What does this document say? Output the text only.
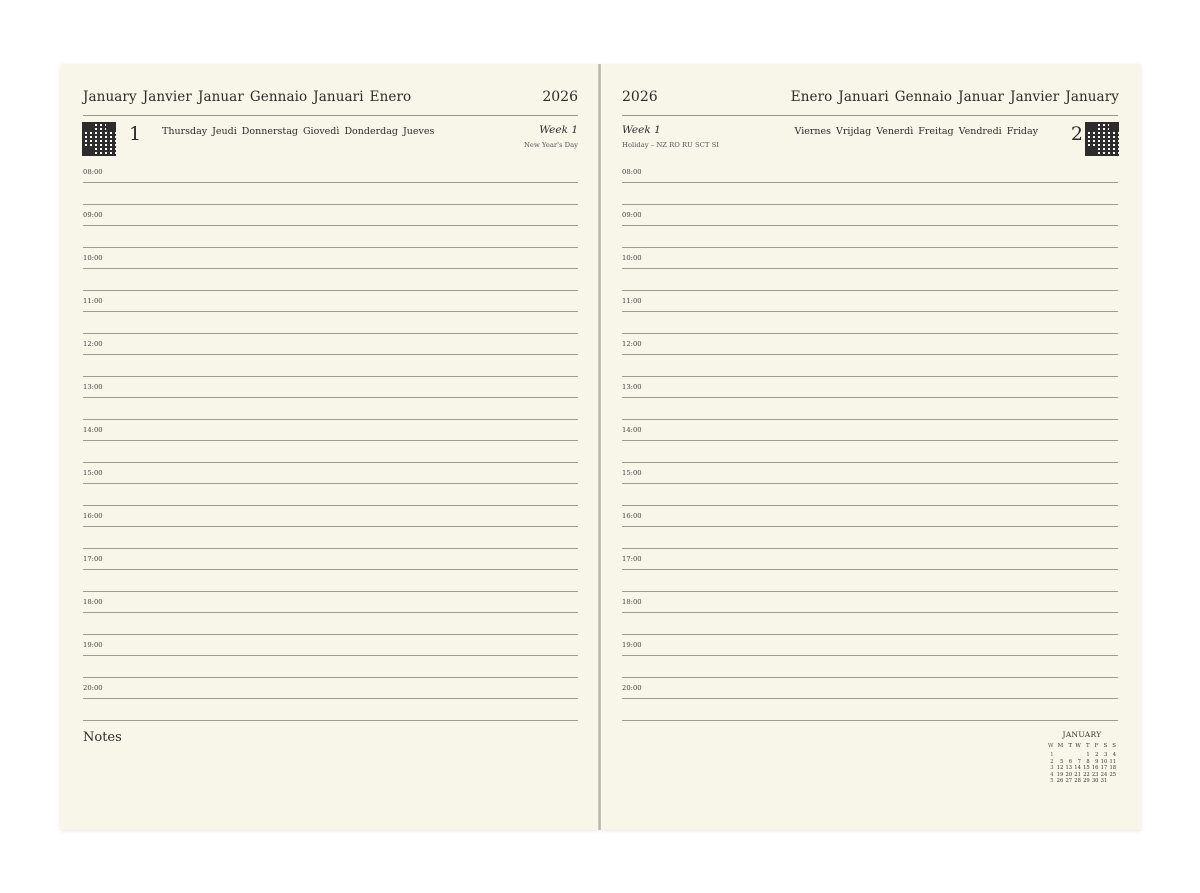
January Janvier Januar Gennaio Januari Enero	2026
1 Thursday Jeudi Donnerstag Giovedì Donderdag Jueves	Week 1
New Year's Day
08:00
09:00
10:00
11:00
12:00
13:00
14:00
15:00
16:00
17:00
18:00
19:00
20:00
Notes
2026	Enero Januari Gennaio Januar Janvier January
Week 1
Holiday – NZ RO RU SCT SI
Viernes Vrijdag Venerdì Freitag Vendredi Friday 2
08:00
09:00
10:00
11:00
12:00
13:00
14:00
15:00
16:00
17:00
18:00
19:00
20:00
JANUARY
W	M	T	W	T	F	S	S
1				1	2	3	4
2	5	6	7	8	9	10	11
3	12	13	14	15	16	17	18
4	19	20	21	22	23	24	25
5	26	27	28	29	30	31	
